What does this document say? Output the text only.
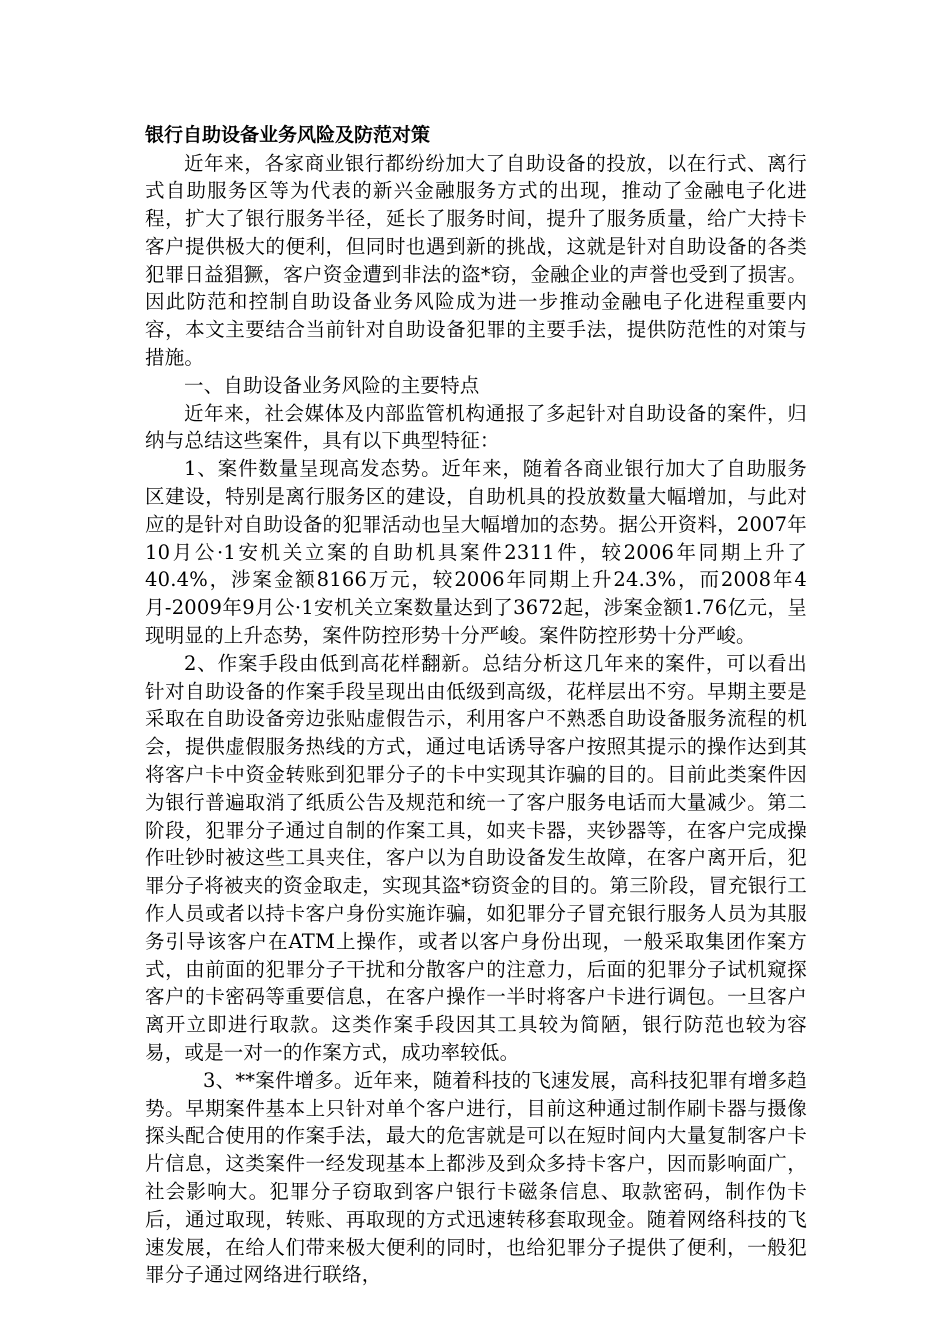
银行自助设备业务风险及防范对策

近年来，各家商业银行都纷纷加大了自助设备的投放，以在行式、离行式自助服务区等为代表的新兴金融服务方式的出现，推动了金融电子化进程，扩大了银行服务半径，延长了服务时间，提升了服务质量，给广大持卡客户提供极大的便利，但同时也遇到新的挑战，这就是针对自助设备的各类犯罪日益猖獗，客户资金遭到非法的盗*窃，金融企业的声誉也受到了损害。因此防范和控制自助设备业务风险成为进一步推动金融电子化进程重要内容，本文主要结合当前针对自助设备犯罪的主要手法，提供防范性的对策与措施。

一、自助设备业务风险的主要特点

近年来，社会媒体及内部监管机构通报了多起针对自助设备的案件，归纳与总结这些案件，具有以下典型特征：

1、案件数量呈现高发态势。近年来，随着各商业银行加大了自助服务区建设，特别是离行服务区的建设，自助机具的投放数量大幅增加，与此对应的是针对自助设备的犯罪活动也呈大幅增加的态势。据公开资料，2007年10月公·1安机关立案的自助机具案件2311件，较2006年同期上升了40.4%，涉案金额8166万元，较2006年同期上升24.3%，而2008年4月-2009年9月公·1安机关立案数量达到了3672起，涉案金额1.76亿元，呈现明显的上升态势，案件防控形势十分严峻。案件防控形势十分严峻。

2、作案手段由低到高花样翻新。总结分析这几年来的案件，可以看出针对自助设备的作案手段呈现出由低级到高级，花样层出不穷。早期主要是采取在自助设备旁边张贴虚假告示，利用客户不熟悉自助设备服务流程的机会，提供虚假服务热线的方式，通过电话诱导客户按照其提示的操作达到其将客户卡中资金转账到犯罪分子的卡中实现其诈骗的目的。目前此类案件因为银行普遍取消了纸质公告及规范和统一了客户服务电话而大量减少。第二阶段，犯罪分子通过自制的作案工具，如夹卡器，夹钞器等，在客户完成操作吐钞时被这些工具夹住，客户以为自助设备发生故障，在客户离开后，犯罪分子将被夹的资金取走，实现其盗*窃资金的目的。第三阶段，冒充银行工作人员或者以持卡客户身份实施诈骗，如犯罪分子冒充银行服务人员为其服务引导该客户在ATM上操作，或者以客户身份出现，一般采取集团作案方式，由前面的犯罪分子干扰和分散客户的注意力，后面的犯罪分子试机窥探客户的卡密码等重要信息，在客户操作一半时将客户卡进行调包。一旦客户离开立即进行取款。这类作案手段因其工具较为简陋，银行防范也较为容易，或是一对一的作案方式，成功率较低。

3、**案件增多。近年来，随着科技的飞速发展，高科技犯罪有增多趋势。早期案件基本上只针对单个客户进行，目前这种通过制作刷卡器与摄像探头配合使用的作案手法，最大的危害就是可以在短时间内大量复制客户卡片信息，这类案件一经发现基本上都涉及到众多持卡客户，因而影响面广，社会影响大。犯罪分子窃取到客户银行卡磁条信息、取款密码，制作伪卡后，通过取现，转账、再取现的方式迅速转移套取现金。随着网络科技的飞速发展，在给人们带来极大便利的同时，也给犯罪分子提供了便利，一般犯罪分子通过网络进行联络，
